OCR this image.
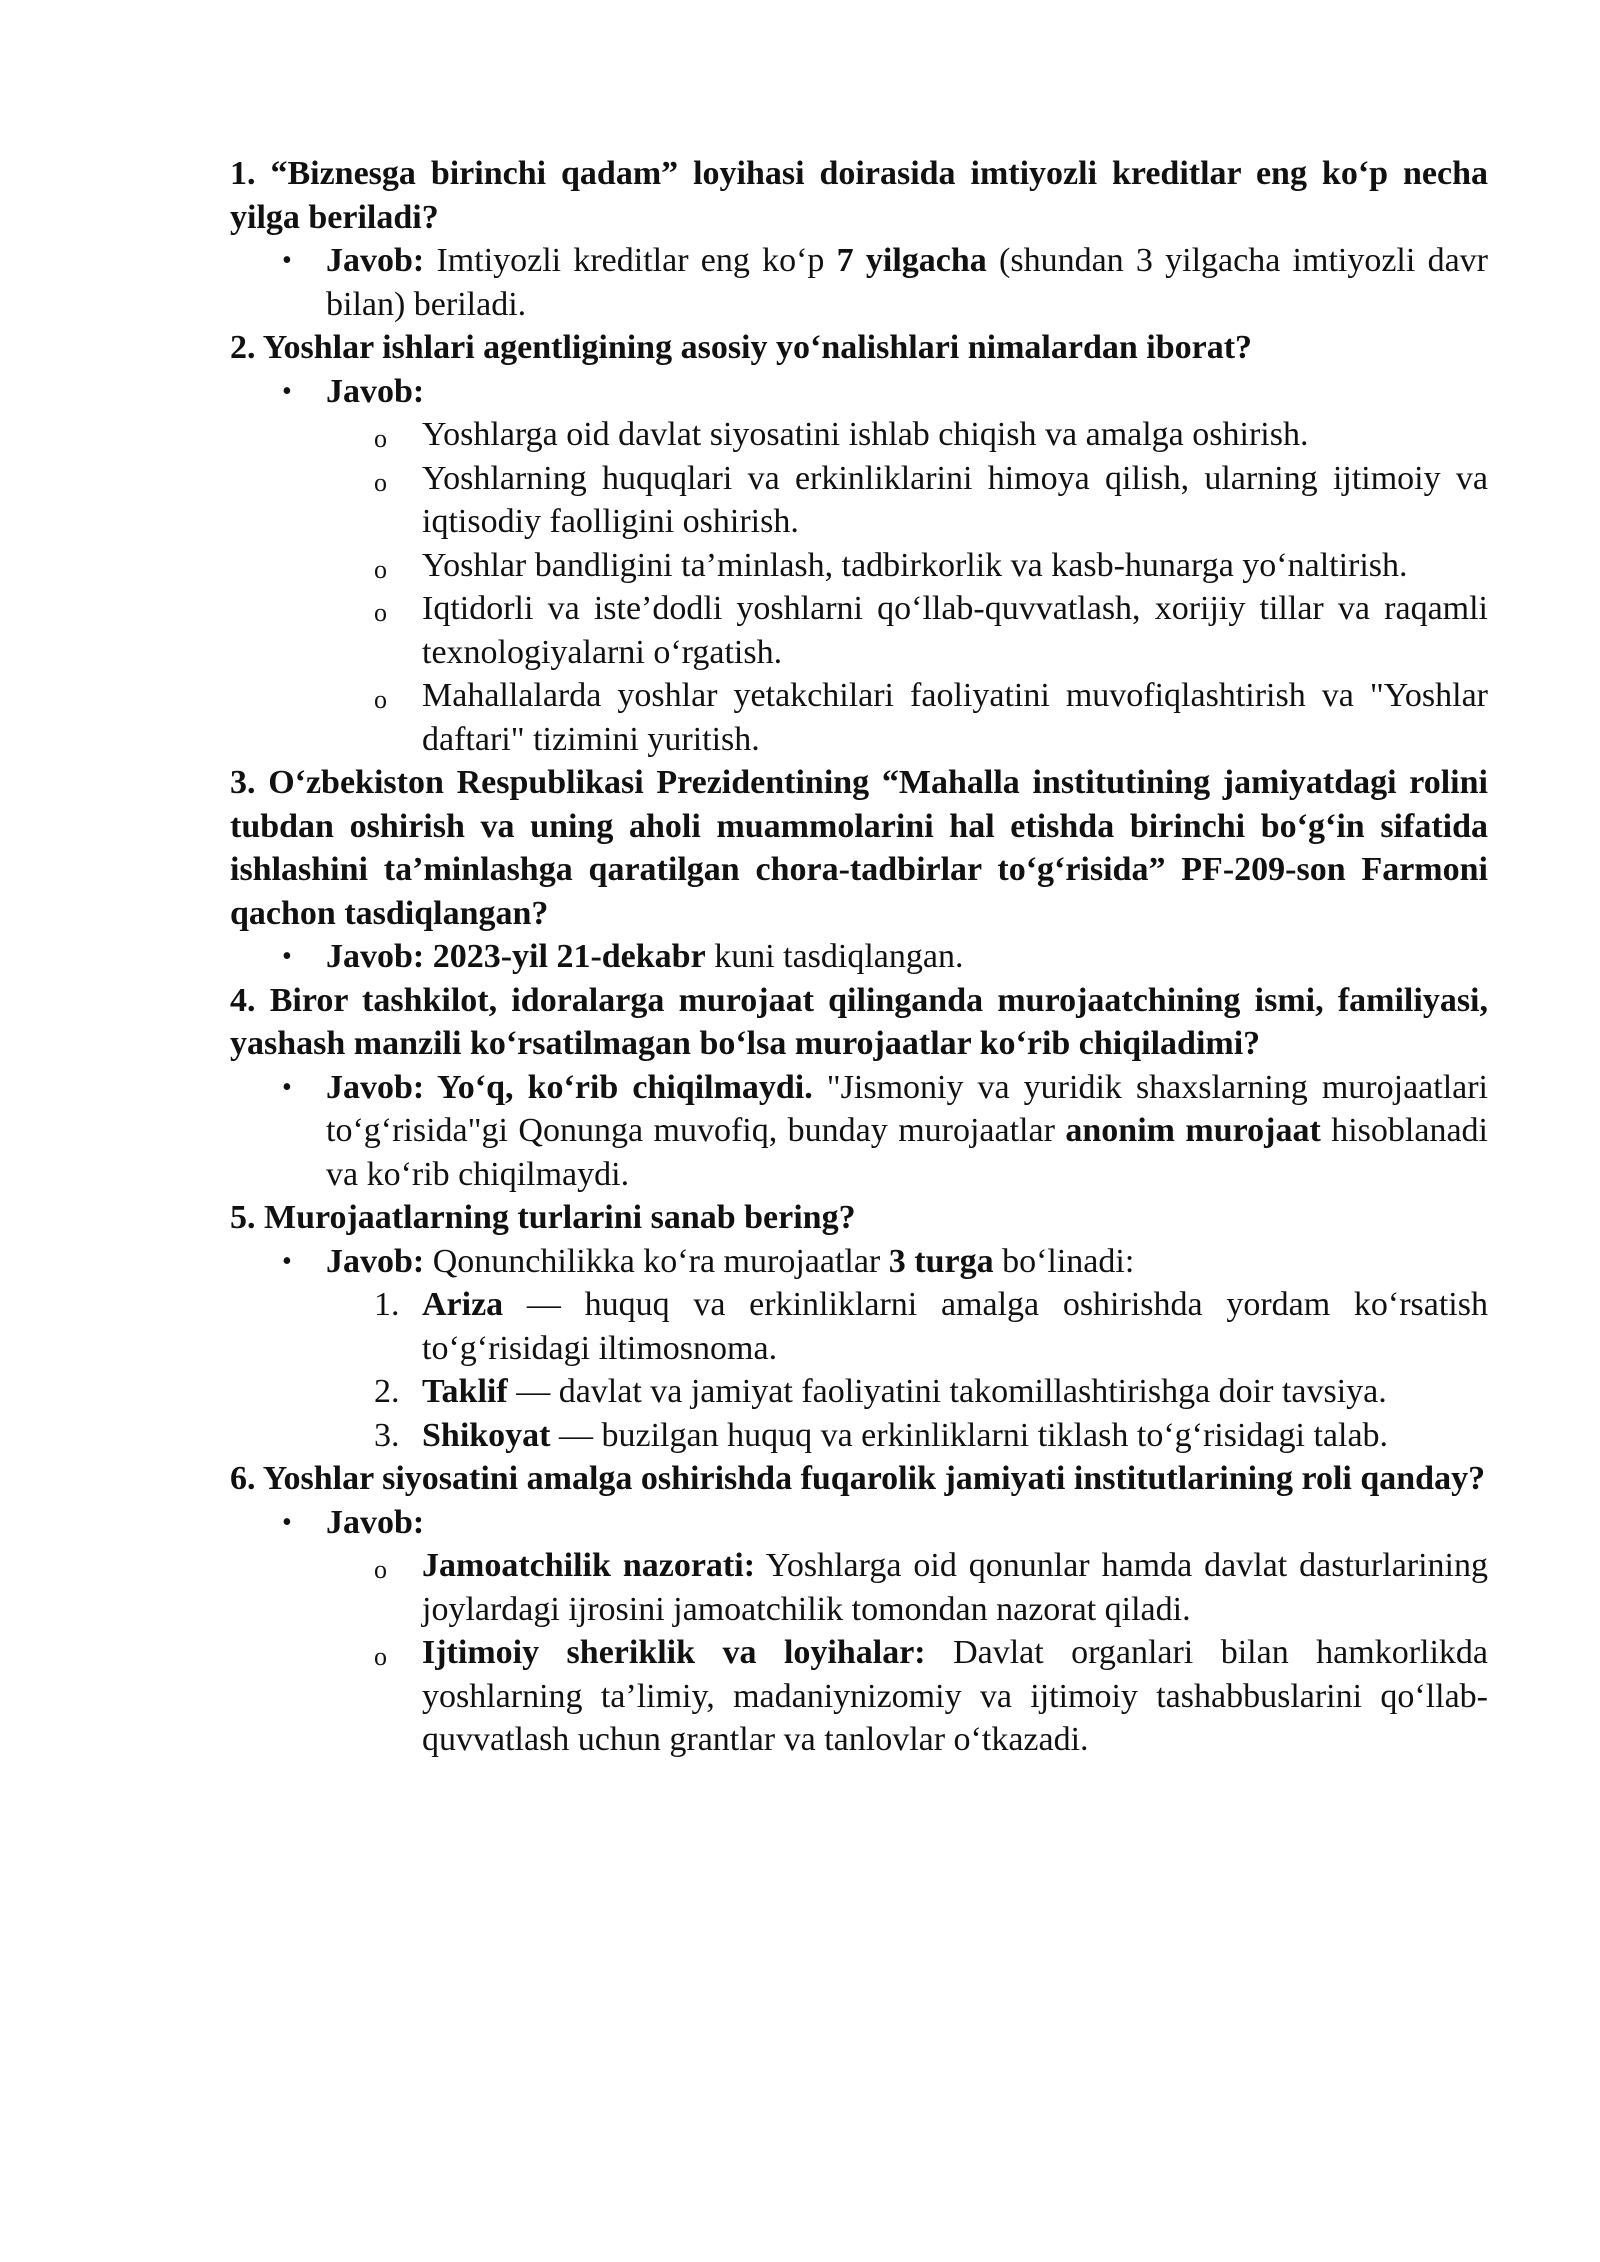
1. “Biznesga birinchi qadam” loyihasi doirasida imtiyozli kreditlar eng ko‘p necha yilga beriladi?

• Javob: Imtiyozli kreditlar eng ko‘p 7 yilgacha (shundan 3 yilgacha imtiyozli davr bilan) beriladi.

2. Yoshlar ishlari agentligining asosiy yo‘nalishlari nimalardan iborat?

• Javob:
o Yoshlarga oid davlat siyosatini ishlab chiqish va amalga oshirish.
o Yoshlarning huquqlari va erkinliklarini himoya qilish, ularning ijtimoiy va iqtisodiy faolligini oshirish.
o Yoshlar bandligini ta’minlash, tadbirkorlik va kasb-hunarga yo‘naltirish.
o Iqtidorli va iste’dodli yoshlarni qo‘llab-quvvatlash, xorijiy tillar va raqamli texnologiyalarni o‘rgatish.
o Mahallalarda yoshlar yetakchilari faoliyatini muvofiqlashtirish va "Yoshlar daftari" tizimini yuritish.

3. O‘zbekiston Respublikasi Prezidentining “Mahalla institutining jamiyatdagi rolini tubdan oshirish va uning aholi muammolarini hal etishda birinchi bo‘g‘in sifatida ishlashini ta’minlashga qaratilgan chora-tadbirlar to‘g‘risida” PF-209-son Farmoni qachon tasdiqlangan?

• Javob: 2023-yil 21-dekabr kuni tasdiqlangan.

4. Biror tashkilot, idoralarga murojaat qilinganda murojaatchining ismi, familiyasi, yashash manzili ko‘rsatilmagan bo‘lsa murojaatlar ko‘rib chiqiladimi?

• Javob: Yo‘q, ko‘rib chiqilmaydi. "Jismoniy va yuridik shaxslarning murojaatlari to‘g‘risida"gi Qonunga muvofiq, bunday murojaatlar anonim murojaat hisoblanadi va ko‘rib chiqilmaydi.

5. Murojaatlarning turlarini sanab bering?

• Javob: Qonunchilikka ko‘ra murojaatlar 3 turga bo‘linadi:
1. Ariza — huquq va erkinliklarni amalga oshirishda yordam ko‘rsatish to‘g‘risidagi iltimosnoma.
2. Taklif — davlat va jamiyat faoliyatini takomillashtirishga doir tavsiya.
3. Shikoyat — buzilgan huquq va erkinliklarni tiklash to‘g‘risidagi talab.

6. Yoshlar siyosatini amalga oshirishda fuqarolik jamiyati institutlarining roli qanday?

• Javob:
o Jamoatchilik nazorati: Yoshlarga oid qonunlar hamda davlat dasturlarining joylardagi ijrosini jamoatchilik tomondan nazorat qiladi.
o Ijtimoiy sheriklik va loyihalar: Davlat organlari bilan hamkorlikda yoshlarning ta’limiy, madaniynizomiy va ijtimoiy tashabbuslarini qo‘llab-quvvatlash uchun grantlar va tanlovlar o‘tkazadi.
